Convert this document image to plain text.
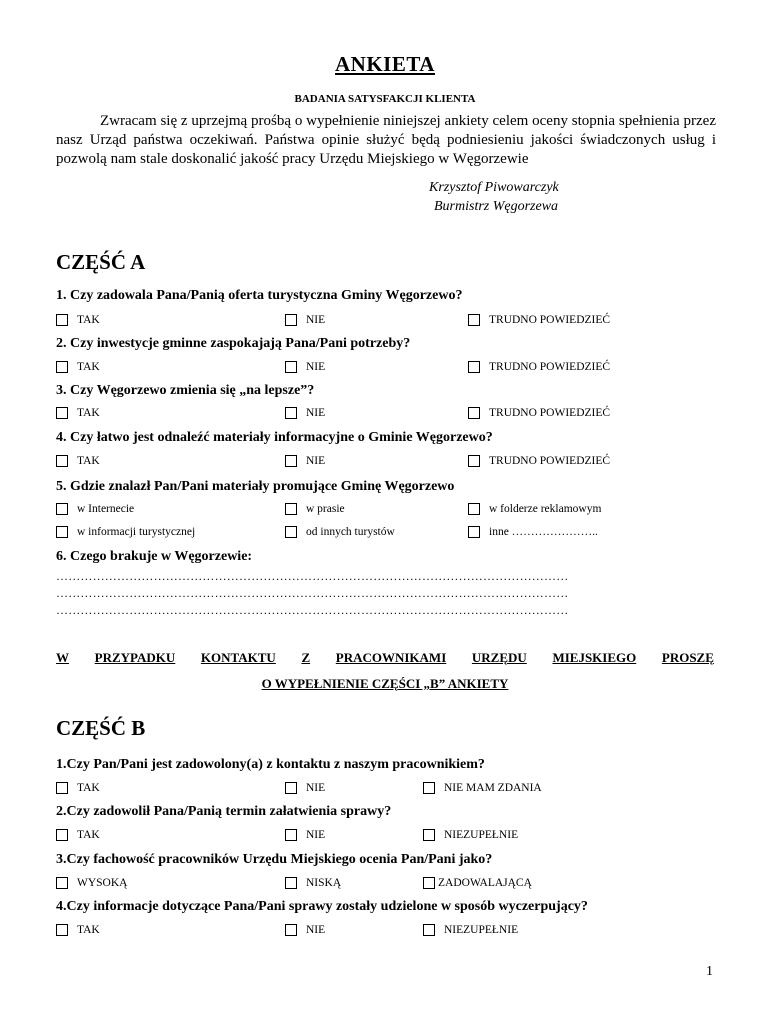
ANKIETA
BADANIA SATYSFAKCJI KLIENTA
Zwracam się z uprzejmą prośbą o wypełnienie niniejszej ankiety celem oceny stopnia spełnienia przez nasz Urząd państwa oczekiwań. Państwa opinie służyć będą podniesieniu jakości świadczonych usług i pozwolą nam stale doskonalić jakość pracy Urzędu Miejskiego w Węgorzewie
Krzysztof Piwowarczyk
Burmistrz Węgorzewa
CZĘŚĆ A
1. Czy zadowala Pana/Panią oferta turystyczna Gminy Węgorzewo?
TAK	NIE	TRUDNO POWIEDZIEĆ
2. Czy inwestycje gminne zaspokajają Pana/Pani potrzeby?
TAK	NIE	TRUDNO POWIEDZIEĆ
3. Czy Węgorzewo zmienia się „na lepsze”?
TAK	NIE	TRUDNO POWIEDZIEĆ
4. Czy łatwo jest odnaleźć materiały informacyjne o Gminie Węgorzewo?
TAK	NIE	TRUDNO POWIEDZIEĆ
5. Gdzie znalazł Pan/Pani materiały promujące Gminę Węgorzewo
w Internecie	w prasie	w folderze reklamowym
w informacji turystycznej	od innych turystów	inne …………………..
6. Czego brakuje w Węgorzewie:
………………………………………………………………………………………………………………
………………………………………………………………………………………………………………
………………………………………………………………………………………………………………
W PRZYPADKU KONTAKTU Z PRACOWNIKAMI URZĘDU MIEJSKIEGO PROSZĘ
O WYPEŁNIENIE CZĘŚCI „B” ANKIETY
CZĘŚĆ B
1.Czy Pan/Pani jest zadowolony(a) z kontaktu z naszym pracownikiem?
TAK	NIE	NIE MAM ZDANIA
2.Czy zadowolił Pana/Panią termin załatwienia sprawy?
TAK	NIE	NIEZUPEŁNIE
3.Czy fachowość pracowników Urzędu Miejskiego ocenia Pan/Pani jako?
WYSOKĄ	NISKĄ	ZADOWALAJĄCĄ
4.Czy informacje dotyczące Pana/Pani sprawy zostały udzielone w sposób wyczerpujący?
TAK	NIE	NIEZUPEŁNIE
1
